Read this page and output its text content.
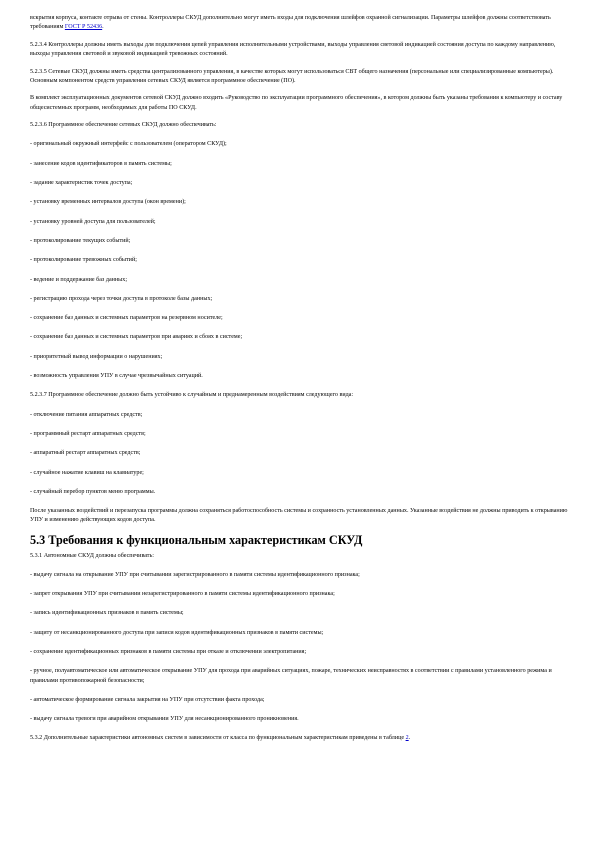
вскрытия корпуса, контакте отрыва от стены. Контроллеры СКУД дополнительно могут иметь входы для подключения шлейфов охранной сигнализации. Параметры шлейфов должны соответствовать требованиям ГОСТ Р 52436.

5.2.3.4 Контроллеры должны иметь выходы для подключения цепей управления исполнительными устройствами, выходы управления световой индикацией состояния доступа по каждому направлению, выходы управления световой и звуковой индикацией тревожных состояний.

5.2.3.5 Сетевые СКУД должны иметь средства централизованного управления, в качестве которых могут использоваться СВТ общего назначения (персональные или специализированные компьютеры). Основным компонентом средств управления сетевых СКУД является программное обеспечение (ПО).

В комплект эксплуатационных документов сетевой СКУД должно входить «Руководство по эксплуатации программного обеспечения», в котором должны быть указаны требования к компьютеру и составу общесистемных программ, необходимых для работы ПО СКУД.

5.2.3.6 Программное обеспечение сетевых СКУД должно обеспечивать:

- оригинальный окружный интерфейс с пользователем (оператором СКУД);

- занесение кодов идентификаторов в память системы;

- задание характеристик точек доступа;

- установку временных интервалов доступа (окон времени);

- установку уровней доступа для пользователей;

- протоколирование текущих событий;

- протоколирование тревожных событий;

- ведение и поддержание баз данных;

- регистрацию прохода через точки доступа в протоколе базы данных;

- сохранение баз данных и системных параметров на резервном носителе;

- сохранение баз данных и системных параметров при авариях и сбоях в системе;

- приоритетный вывод информации о нарушениях;

- возможность управления УПУ в случае чрезвычайных ситуаций.

5.2.3.7 Программное обеспечение должно быть устойчиво к случайным и преднамеренным воздействиям следующего вида:

- отключение питания аппаратных средств;

- программный рестарт аппаратных средств;

- аппаратный рестарт аппаратных средств;

- случайное нажатие клавиш на клавиатуре;

- случайный перебор пунктов меню программы.

После указанных воздействий и перезапуска программы должна сохраняться работоспособность системы и сохранность установленных данных. Указанные воздействия не должны приводить к открыванию УПУ и изменению действующих кодов доступа.

5.3 Требования к функциональным характеристикам СКУД

5.3.1 Автономные СКУД должны обеспечивать:

- выдачу сигнала на открывание УПУ при считывании зарегистрированного в памяти системы идентификационного признака;

- запрет открывания УПУ при считывании незарегистрированного в памяти системы идентификационного признака;

- запись идентификационных признаков в память системы;

- защиту от несанкционированного доступа при записи кодов идентификационных признаков в памяти системы;

- сохранение идентификационных признаков в памяти системы при отказе и отключении электропитания;

- ручное, полуавтоматическое или автоматическое открывание УПУ для прохода при аварийных ситуациях, пожаре, технических неисправностях в соответствии с правилами установленного режима и правилами противопожарной безопасности;

- автоматическое формирование сигнала закрытия на УПУ при отсутствии факта прохода;

- выдачу сигнала тревоги при аварийном открывании УПУ для несанкционированного проникновения.

5.3.2 Дополнительные характеристики автономных систем в зависимости от класса по функциональным характеристикам приведены в таблице 2.
